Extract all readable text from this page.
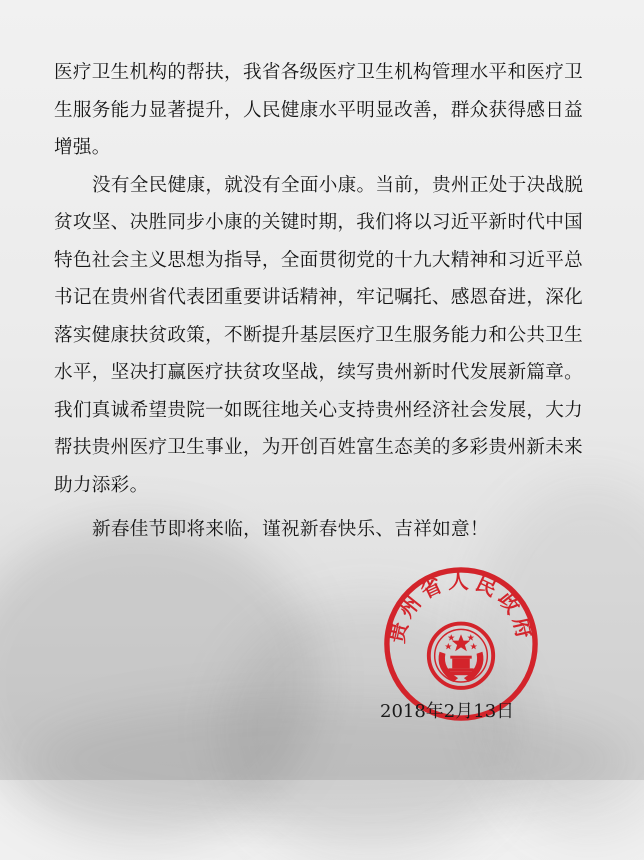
医疗卫生机构的帮扶，我省各级医疗卫生机构管理水平和医疗卫
生服务能力显著提升，人民健康水平明显改善，群众获得感日益
增强。
没有全民健康，就没有全面小康。当前，贵州正处于决战脱
贫攻坚、决胜同步小康的关键时期，我们将以习近平新时代中国
特色社会主义思想为指导，全面贯彻党的十九大精神和习近平总
书记在贵州省代表团重要讲话精神，牢记嘱托、感恩奋进，深化
落实健康扶贫政策，不断提升基层医疗卫生服务能力和公共卫生
水平，坚决打赢医疗扶贫攻坚战，续写贵州新时代发展新篇章。
我们真诚希望贵院一如既往地关心支持贵州经济社会发展，大力
帮扶贵州医疗卫生事业，为开创百姓富生态美的多彩贵州新未来
助力添彩。
新春佳节即将来临，谨祝新春快乐、吉祥如意！
贵州省人民政府
2018年2月13日
